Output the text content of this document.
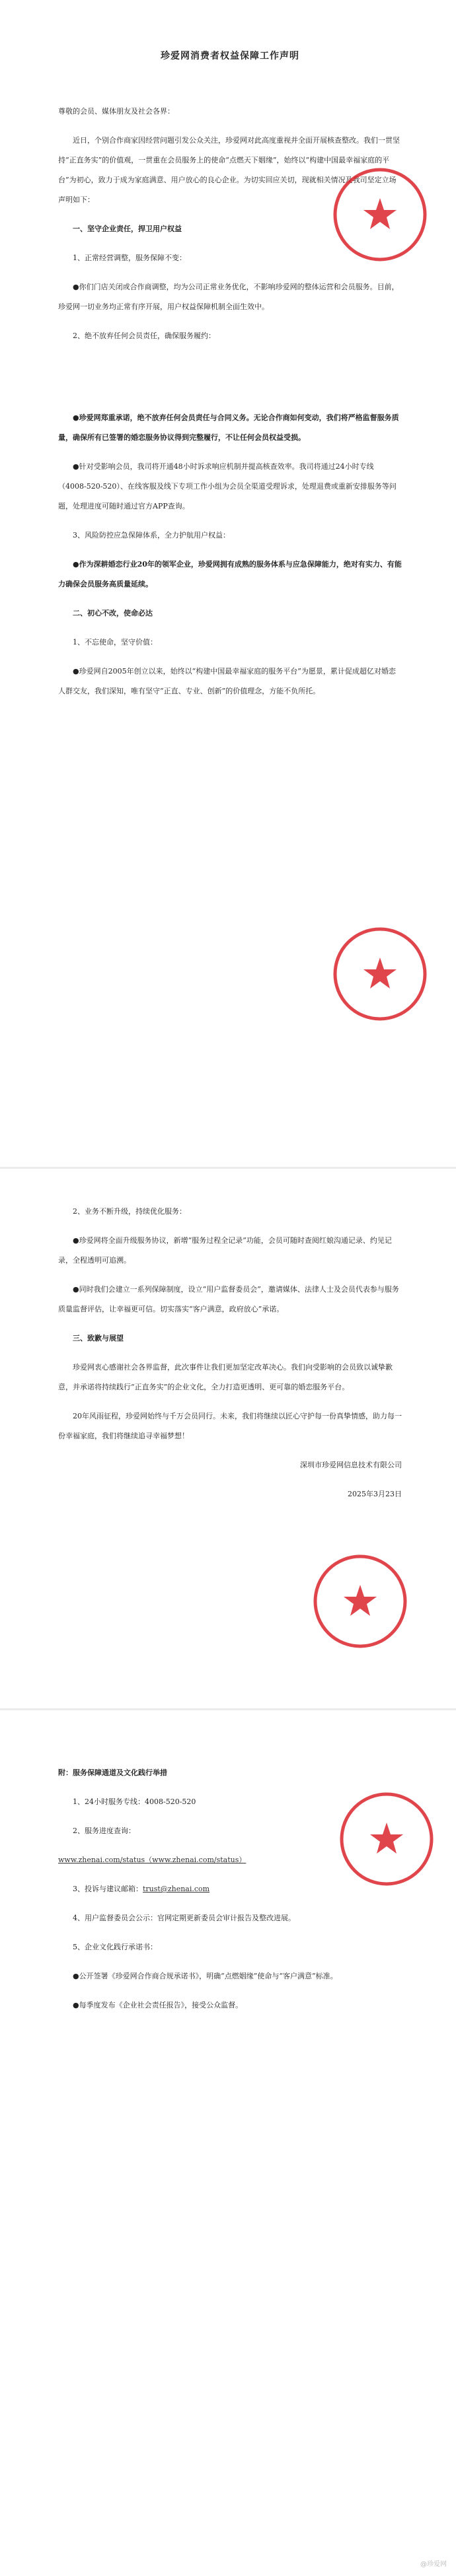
珍爱网消费者权益保障工作声明

尊敬的会员、媒体朋友及社会各界：

近日，个别合作商家因经营问题引发公众关注，珍爱网对此高度重视并全面开展核查整改。我们一贯坚持“正直务实”的价值观，一贯重在会员服务上的使命“点燃天下姻缘”，始终以“构建中国最幸福家庭的平台”为初心，致力于成为家庭满意、用户放心的良心企业。为切实回应关切，现就相关情况及我司坚定立场声明如下：

一、坚守企业责任，捍卫用户权益

1、正常经营调整，服务保障不变：

●你们门店关闭或合作商调整，均为公司正常业务优化，不影响珍爱网的整体运营和会员服务。目前，珍爱网一切业务均正常有序开展，用户权益保障机制全面生效中。

2、绝不放弃任何会员责任，确保服务履约：

●珍爱网郑重承诺，绝不放弃任何会员责任与合同义务。无论合作商如何变动，我们将严格监督服务质量，确保所有已签署的婚恋服务协议得到完整履行，不让任何会员权益受损。

●针对受影响会员，我司将开通48小时诉求响应机制并提高核查效率。我司将通过24小时专线（4008-520-520）、在线客服及线下专项工作小组为会员全渠道受理诉求，处理退费或重新安排服务等问题，处理进度可随时通过官方APP查询。

3、风险防控应急保障体系，全力护航用户权益：

●作为深耕婚恋行业20年的领军企业，珍爱网拥有成熟的服务体系与应急保障能力，绝对有实力、有能力确保会员服务高质量延续。

二、初心不改，使命必达

1、不忘使命，坚守价值：

●珍爱网自2005年创立以来，始终以“构建中国最幸福家庭的服务平台”为愿景，累计促成超亿对婚恋人群交友，我们深知，唯有坚守“正直、专业、创新”的价值理念，方能不负所托。

2、业务不断升级，持续优化服务：

●珍爱网将全面升级服务协议，新增“服务过程全记录”功能，会员可随时查阅红娘沟通记录、约见记录，全程透明可追溯。

●同时我们会建立一系列保障制度，设立“用户监督委员会”，邀请媒体、法律人士及会员代表参与服务质量监督评估，让幸福更可信。切实落实“客户满意，政府放心”承诺。

三、致歉与展望

珍爱网衷心感谢社会各界监督，此次事件让我们更加坚定改革决心。我们向受影响的会员致以诚挚歉意，并承诺将持续践行“正直务实”的企业文化，全力打造更透明、更可靠的婚恋服务平台。

20年风雨征程，珍爱网始终与千万会员同行。未来，我们将继续以匠心守护每一份真挚情感，助力每一份幸福家庭，我们将继续追寻幸福梦想！

深圳市珍爱网信息技术有限公司

2025年3月23日

附：服务保障通道及文化践行举措

1、24小时服务专线：4008-520-520

2、服务进度查询：

www.zhenai.com/status（www.zhenai.com/status）

3、投诉与建议邮箱：trust@zhenai.com

4、用户监督委员会公示：官网定期更新委员会审计报告及整改进展。

5、企业文化践行承诺书：

●公开签署《珍爱网合作商合规承诺书》，明确“点燃姻缘”使命与“客户满意”标准。

●每季度发布《企业社会责任报告》，接受公众监督。

@珍爱网
